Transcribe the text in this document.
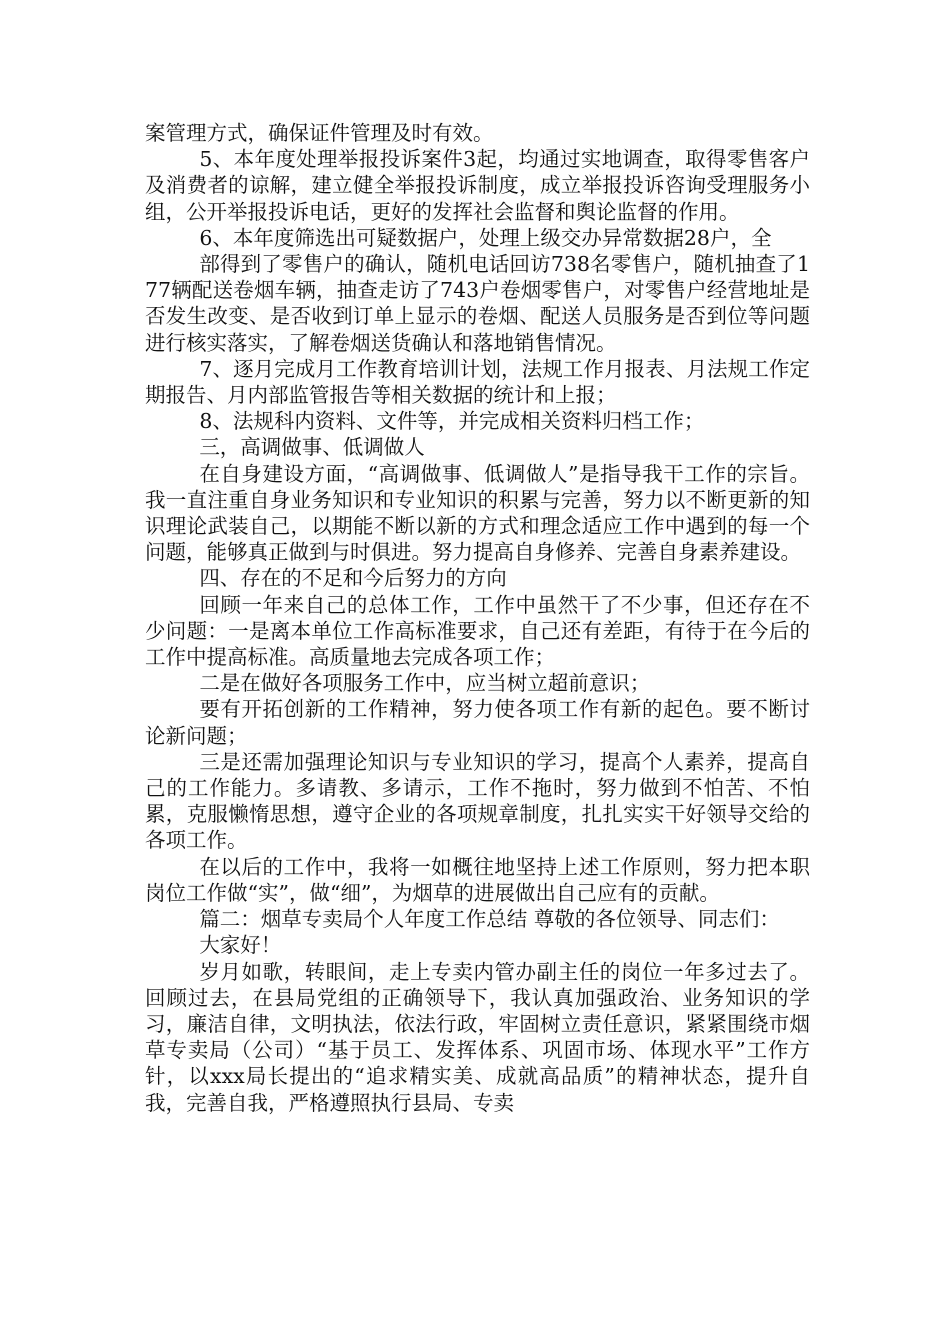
案管理方式，确保证件管理及时有效。

5、本年度处理举报投诉案件3起，均通过实地调查，取得零售客户及消费者的谅解，建立健全举报投诉制度，成立举报投诉咨询受理服务小组，公开举报投诉电话，更好的发挥社会监督和舆论监督的作用。

6、本年度筛选出可疑数据户，处理上级交办异常数据28户，全

部得到了零售户的确认，随机电话回访738名零售户，随机抽查了177辆配送卷烟车辆，抽查走访了743户卷烟零售户，对零售户经营地址是否发生改变、是否收到订单上显示的卷烟、配送人员服务是否到位等问题进行核实落实，了解卷烟送货确认和落地销售情况。

7、逐月完成月工作教育培训计划，法规工作月报表、月法规工作定期报告、月内部监管报告等相关数据的统计和上报；

8、法规科内资料、文件等，并完成相关资料归档工作；

三，高调做事、低调做人

在自身建设方面，“高调做事、低调做人”是指导我干工作的宗旨。我一直注重自身业务知识和专业知识的积累与完善，努力以不断更新的知识理论武装自己，以期能不断以新的方式和理念适应工作中遇到的每一个问题，能够真正做到与时俱进。努力提高自身修养、完善自身素养建设。

四、存在的不足和今后努力的方向

回顾一年来自己的总体工作，工作中虽然干了不少事，但还存在不少问题：一是离本单位工作高标准要求，自己还有差距，有待于在今后的工作中提高标准。高质量地去完成各项工作；

二是在做好各项服务工作中，应当树立超前意识；

要有开拓创新的工作精神，努力使各项工作有新的起色。要不断讨论新问题；

三是还需加强理论知识与专业知识的学习，提高个人素养，提高自己的工作能力。多请教、多请示，工作不拖时，努力做到不怕苦、不怕累，克服懒惰思想，遵守企业的各项规章制度，扎扎实实干好领导交给的各项工作。

在以后的工作中，我将一如概往地坚持上述工作原则，努力把本职岗位工作做“实”，做“细”，为烟草的进展做出自己应有的贡献。

篇二：烟草专卖局个人年度工作总结 尊敬的各位领导、同志们：

大家好！

岁月如歌，转眼间，走上专卖内管办副主任的岗位一年多过去了。回顾过去，在县局党组的正确领导下，我认真加强政治、业务知识的学习，廉洁自律，文明执法，依法行政，牢固树立责任意识，紧紧围绕市烟草专卖局（公司）“基于员工、发挥体系、巩固市场、体现水平”工作方针，以xxx局长提出的“追求精实美、成就高品质”的精神状态，提升自我，完善自我，严格遵照执行县局、专卖
